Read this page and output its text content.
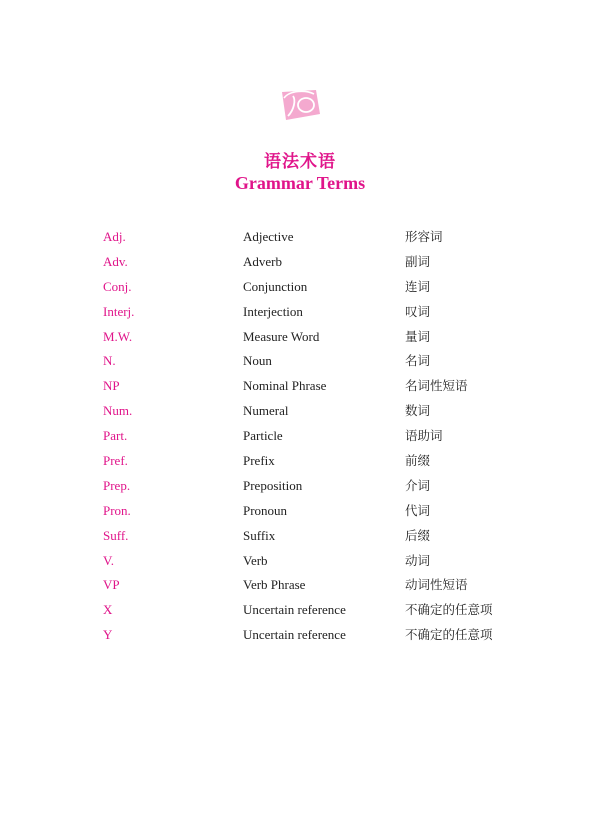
语法术语
Grammar Terms
Adj.	Adjective	形容词
Adv.	Adverb	副词
Conj.	Conjunction	连词
Interj.	Interjection	叹词
M.W.	Measure Word	量词
N.	Noun	名词
NP	Nominal Phrase	名词性短语
Num.	Numeral	数词
Part.	Particle	语助词
Pref.	Prefix	前缀
Prep.	Preposition	介词
Pron.	Pronoun	代词
Suff.	Suffix	后缀
V.	Verb	动词
VP	Verb Phrase	动词性短语
X	Uncertain reference	不确定的任意项
Y	Uncertain reference	不确定的任意项
